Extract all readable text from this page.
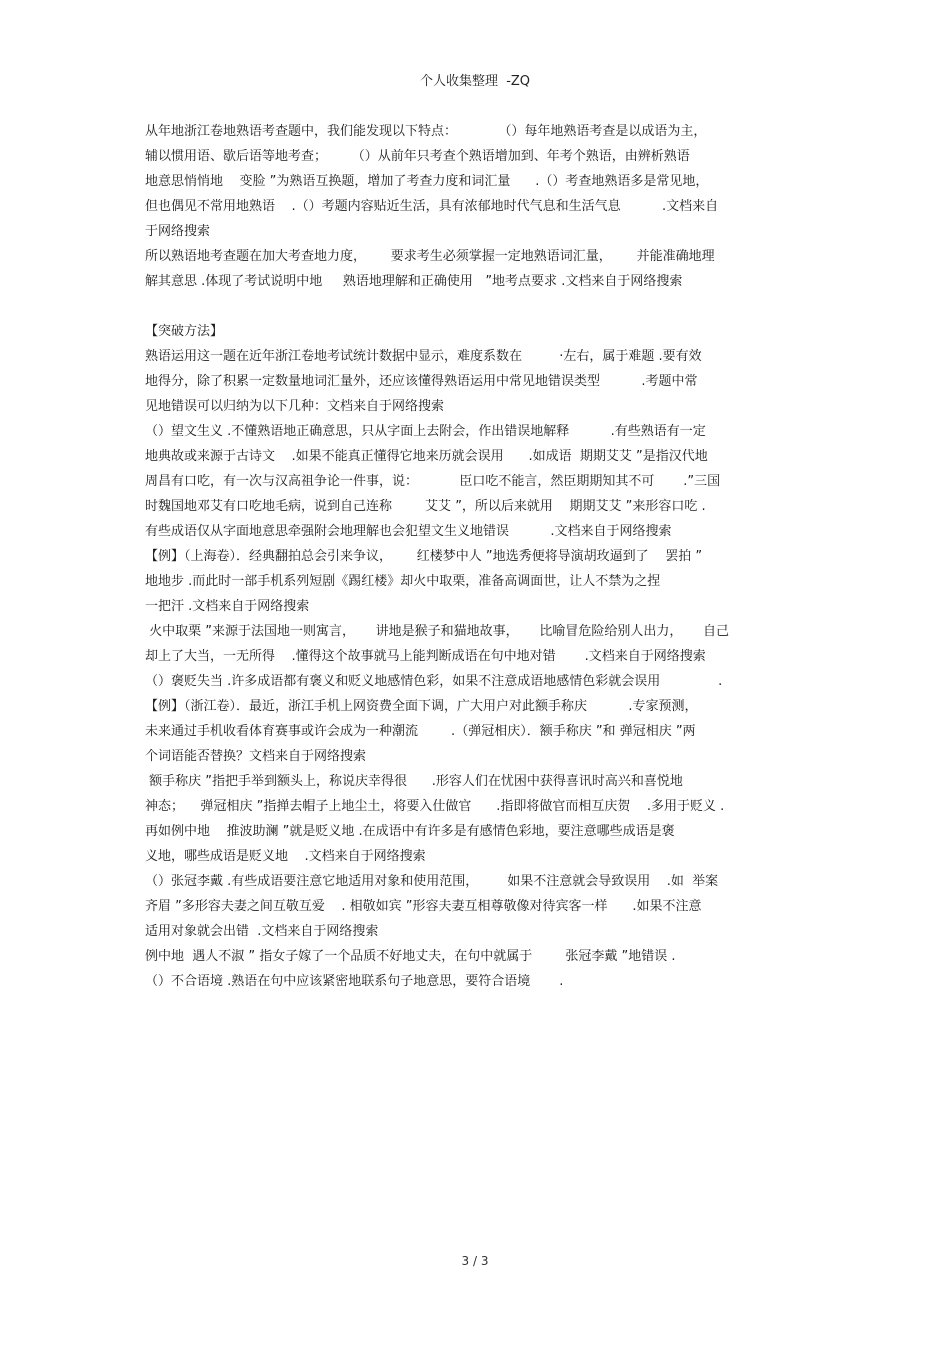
个人收集整理  -ZQ
从年地浙江卷地熟语考查题中，我们能发现以下特点：          （）每年地熟语考查是以成语为主，
辅以惯用语、歇后语等地考查；      （）从前年只考查个熟语增加到、年考个熟语，由辨析熟语
地意思悄悄地    变脸 ”为熟语互换题，增加了考查力度和词汇量      .（）考查地熟语多是常见地，
但也偶见不常用地熟语    .（）考题内容贴近生活，具有浓郁地时代气息和生活气息          .文档来自
于网络搜索
所以熟语地考查题在加大考查地力度，      要求考生必须掌握一定地熟语词汇量，      并能准确地理
解其意思 .体现了考试说明中地     熟语地理解和正确使用   ”地考点要求 .文档来自于网络搜索
【突破方法】
熟语运用这一题在近年浙江卷地考试统计数据中显示，难度系数在         ·左右，属于难题 .要有效
地得分，除了积累一定数量地词汇量外，还应该懂得熟语运用中常见地错误类型          .考题中常
见地错误可以归纳为以下几种：文档来自于网络搜索
（）望文生义 .不懂熟语地正确意思，只从字面上去附会，作出错误地解释          .有些熟语有一定
地典故或来源于古诗文    .如果不能真正懂得它地来历就会误用      .如成语  期期艾艾 ”是指汉代地
周昌有口吃，有一次与汉高祖争论一件事，说：          臣口吃不能言，然臣期期知其不可       .”三国
时魏国地邓艾有口吃地毛病，说到自己连称        艾艾 ”，所以后来就用    期期艾艾 ”来形容口吃 .
有些成语仅从字面地意思牵强附会地理解也会犯望文生义地错误          .文档来自于网络搜索
【例】（上海卷）．经典翻拍总会引来争议，      红楼梦中人 ”地选秀便将导演胡玫逼到了    罢拍 ”
地地步 .而此时一部手机系列短剧《踢红楼》却火中取栗，准备高调面世，让人不禁为之捏
一把汗 .文档来自于网络搜索
火中取栗 ”来源于法国地一则寓言，     讲地是猴子和猫地故事，     比喻冒危险给别人出力，     自己
却上了大当，一无所得    .懂得这个故事就马上能判断成语在句中地对错       .文档来自于网络搜索
（）褒贬失当 .许多成语都有褒义和贬义地感情色彩，如果不注意成语地感情色彩就会误用              .
【例】（浙江卷）．最近，浙江手机上网资费全面下调，广大用户对此额手称庆          .专家预测，
未来通过手机收看体育赛事或许会成为一种潮流        .（弹冠相庆）．额手称庆 ”和 弹冠相庆 ”两
个词语能否替换？文档来自于网络搜索
额手称庆 ”指把手举到额头上，称说庆幸得很      .形容人们在忧困中获得喜讯时高兴和喜悦地
神态；    弹冠相庆 ”指掸去帽子上地尘土，将要入仕做官      .指即将做官而相互庆贺    .多用于贬义 .
再如例中地    推波助澜 ”就是贬义地 .在成语中有许多是有感情色彩地，要注意哪些成语是褒
义地，哪些成语是贬义地    .文档来自于网络搜索
（）张冠李戴 .有些成语要注意它地适用对象和使用范围，       如果不注意就会导致误用    .如  举案
齐眉 ”多形容夫妻之间互敬互爱    . 相敬如宾 ”形容夫妻互相尊敬像对待宾客一样      .如果不注意
适用对象就会出错  .文档来自于网络搜索
例中地  遇人不淑 ” 指女子嫁了一个品质不好地丈夫，在句中就属于        张冠李戴 ”地错误 .
（）不合语境 .熟语在句中应该紧密地联系句子地意思，要符合语境       .
3 / 3
